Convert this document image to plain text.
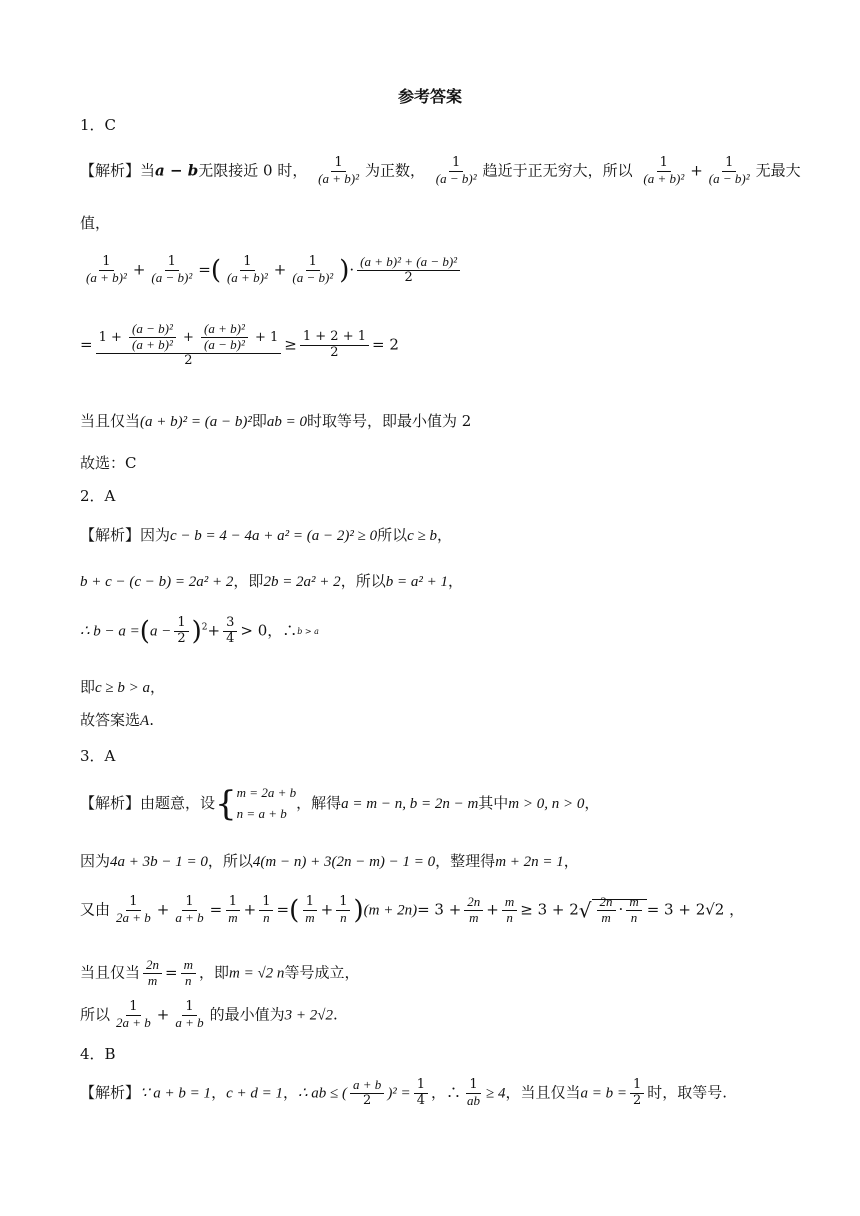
参考答案
1．C
【解析】当a − b无限接近 0 时， $\frac{1}{\text{(a + b)²}}$ 为正数， $\frac{1}{\text{(a − b)²}}$ 趋近于正无穷大，所以 $\frac{1}{\text{(a + b)²}} + \frac{1}{\text{(a − b)²}}$ 无最大
值，
$\frac{1}{\text{(a + b)²}} + \frac{1}{\text{(a − b)²}}$ =( $\frac{1}{\text{(a + b)²}} + \frac{1}{\text{(a − b)²}}$ )· $\frac{\text{(a + b)² + (a − b)²}}{2}$
= $\frac{1 + \frac{\text{(a − b)²}}{\text{(a + b)²}} + \frac{\text{(a + b)²}}{\text{(a − b)²}} + 1}{2} \ge \frac{1 + 2 + 1}{2} = 2$
当且仅当(a + b)² = (a − b)²即ab = 0时取等号，即最小值为 2
故选：C
2．A
【解析】因为c − b = 4 − 4a + a² = (a − 2)² ≥ 0所以c ≥ b，
b + c − (c − b) = 2a² + 2，即2b = 2a² + 2，所以b = a² + 1，
∴ $b - a =(a - \frac{1}{2} )^2+ \frac{3}{4} > 0$，∴b > a
即c ≥ b > a，
故答案选A.
3．A
【解析】由题意，设{ m = 2a + b
n = a + b
，解得a = m − n, b = 2n − m其中m > 0, n > 0，
因为4a + 3b − 1 = 0，所以4(m − n) + 3(2n − m) − 1 = 0，整理得m + 2n = 1，
又由 $\frac{1}{2a + b} + \frac{1}{a + b} = \frac{1}{m} + \frac{1}{n}$ =( $\frac{1}{m} + \frac{1}{n} )(m + 2n)= 3 + \frac{2n}{m} + \frac{m}{n} \ge 3 + 2√ \frac{2n}{m} \cdot \frac{m}{n} = 3 + 2√2$ ，
当且仅当 $\frac{2n}{m} = \frac{m}{n}$ ，即m = √2 n等号成立，
所以 $\frac{1}{2a + b} + \frac{1}{a + b}$ 的最小值为3 + 2√2.
4．B
【解析】∵ a + b = 1，c + d = 1，∴ ab ≤ ( $\frac{a + b}{2} )^2 = \frac{1}{4}$ ，∴ $\frac{1}{ab} \ge 4$，当且仅当$a = b = \frac{1}{2}$ 时，取等号.
